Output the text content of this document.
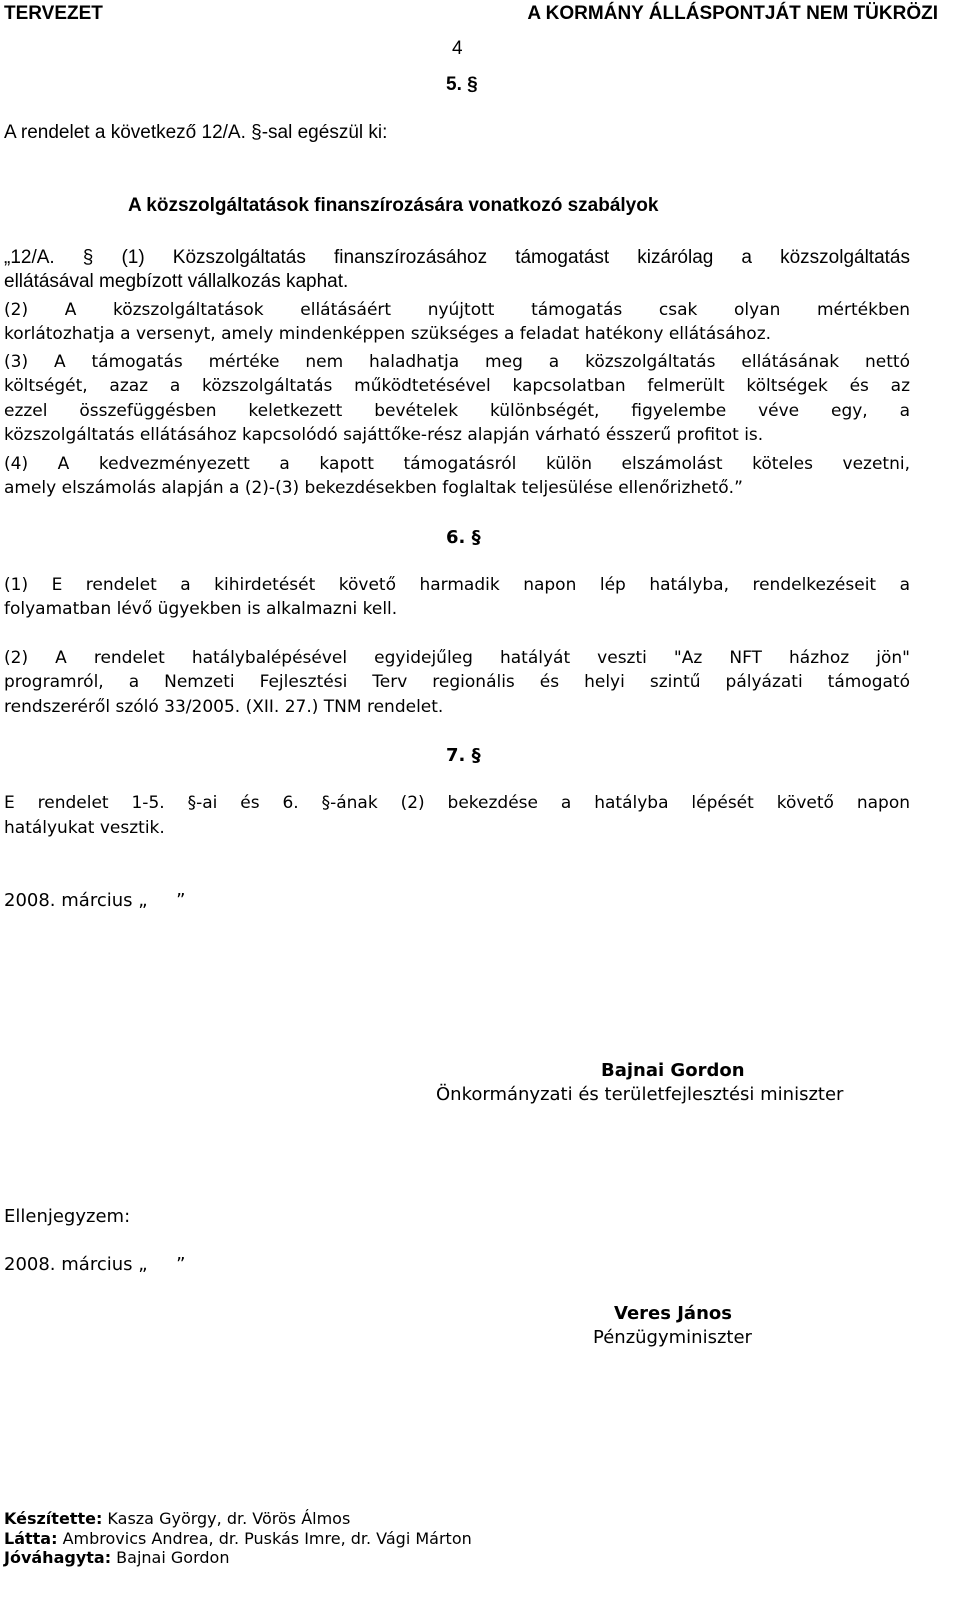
TERVEZET	A KORMÁNY ÁLLÁSPONTJÁT NEM TÜKRÖZI
4
5. §
A rendelet a következő 12/A. §-sal egészül ki:
A közszolgáltatások finanszírozására vonatkozó szabályok
„12/A. § (1) Közszolgáltatás finanszírozásához támogatást kizárólag a közszolgáltatás
ellátásával megbízott vállalkozás kaphat.
(2) A közszolgáltatások ellátásáért nyújtott támogatás csak olyan mértékben
korlátozhatja a versenyt, amely mindenképpen szükséges a feladat hatékony ellátásához.
(3) A támogatás mértéke nem haladhatja meg a közszolgáltatás ellátásának nettó
költségét, azaz a közszolgáltatás működtetésével kapcsolatban felmerült költségek és az
ezzel összefüggésben keletkezett bevételek különbségét, figyelembe véve egy, a
közszolgáltatás ellátásához kapcsolódó sajáttőke-rész alapján várható ésszerű profitot is.
(4) A kedvezményezett a kapott támogatásról külön elszámolást köteles vezetni,
amely elszámolás alapján a (2)-(3) bekezdésekben foglaltak teljesülése ellenőrizhető.”
6. §
(1) E rendelet a kihirdetését követő harmadik napon lép hatályba, rendelkezéseit a
folyamatban lévő ügyekben is alkalmazni kell.
(2) A rendelet hatálybalépésével egyidejűleg hatályát veszti "Az NFT házhoz jön"
programról, a Nemzeti Fejlesztési Terv regionális és helyi szintű pályázati támogató
rendszeréről szóló 33/2005. (XII. 27.) TNM rendelet.
7. §
E rendelet 1-5. §-ai és 6. §-ának (2) bekezdése a hatályba lépését követő napon
hatályukat vesztik.
2008. március „     ”
Bajnai Gordon
Önkormányzati és területfejlesztési miniszter
Ellenjegyzem:
2008. március „     ”
Veres János
Pénzügyminiszter
Készítette: Kasza György, dr. Vörös Álmos
Látta: Ambrovics Andrea, dr. Puskás Imre, dr. Vági Márton
Jóváhagyta: Bajnai Gordon
